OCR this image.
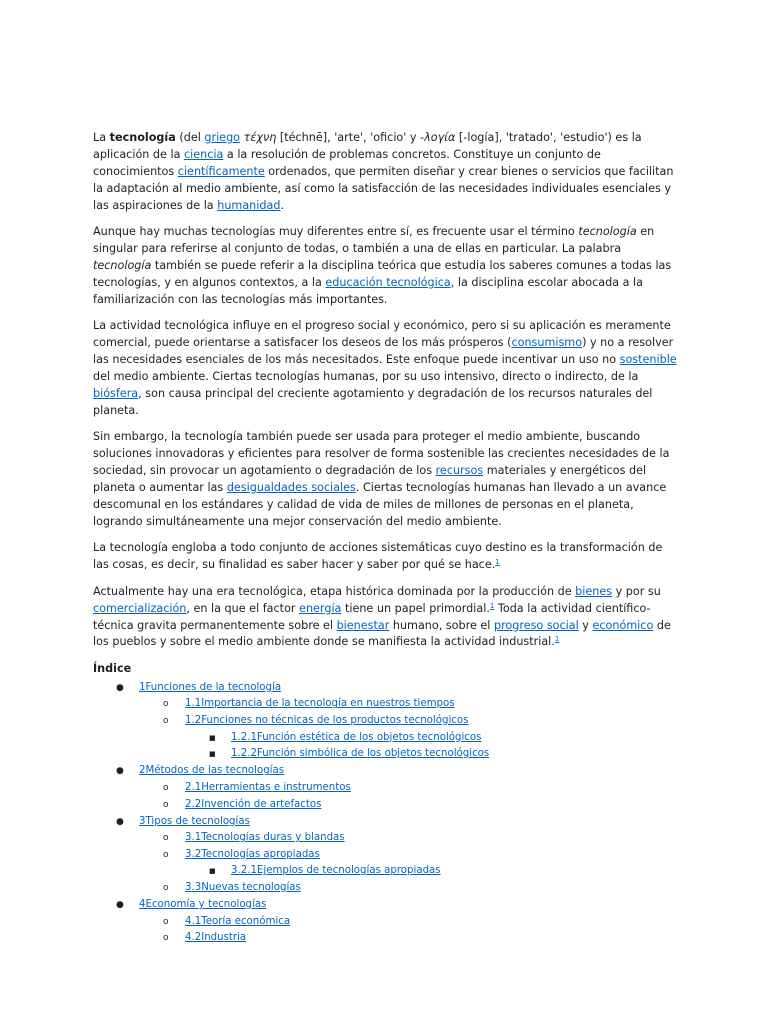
La tecnología (del griego τέχνη [téchnē], 'arte', 'oficio' y -λογία [-logía], 'tratado', 'estudio') es la aplicación de la ciencia a la resolución de problemas concretos. Constituye un conjunto de conocimientos científicamente ordenados, que permiten diseñar y crear bienes o servicios que facilitan la adaptación al medio ambiente, así como la satisfacción de las necesidades individuales esenciales y las aspiraciones de la humanidad.

Aunque hay muchas tecnologías muy diferentes entre sí, es frecuente usar el término tecnología en singular para referirse al conjunto de todas, o también a una de ellas en particular. La palabra tecnología también se puede referir a la disciplina teórica que estudia los saberes comunes a todas las tecnologías, y en algunos contextos, a la educación tecnológica, la disciplina escolar abocada a la familiarización con las tecnologías más importantes.

La actividad tecnológica influye en el progreso social y económico, pero si su aplicación es meramente comercial, puede orientarse a satisfacer los deseos de los más prósperos (consumismo) y no a resolver las necesidades esenciales de los más necesitados. Este enfoque puede incentivar un uso no sostenible del medio ambiente. Ciertas tecnologías humanas, por su uso intensivo, directo o indirecto, de la biósfera, son causa principal del creciente agotamiento y degradación de los recursos naturales del planeta.

Sin embargo, la tecnología también puede ser usada para proteger el medio ambiente, buscando soluciones innovadoras y eficientes para resolver de forma sostenible las crecientes necesidades de la sociedad, sin provocar un agotamiento o degradación de los recursos materiales y energéticos del planeta o aumentar las desigualdades sociales. Ciertas tecnologías humanas han llevado a un avance descomunal en los estándares y calidad de vida de miles de millones de personas en el planeta, logrando simultáneamente una mejor conservación del medio ambiente.

La tecnología engloba a todo conjunto de acciones sistemáticas cuyo destino es la transformación de las cosas, es decir, su finalidad es saber hacer y saber por qué se hace.$^1$

Actualmente hay una era tecnológica, etapa histórica dominada por la producción de bienes y por su comercialización, en la que el factor energía tiene un papel primordial.$^1$ Toda la actividad científico-técnica gravita permanentemente sobre el bienestar humano, sobre el progreso social y económico de los pueblos y sobre el medio ambiente donde se manifiesta la actividad industrial.$^1$

Índice
● 1Funciones de la tecnología
o 1.1Importancia de la tecnología en nuestros tiempos
o 1.2Funciones no técnicas de los productos tecnológicos
■ 1.2.1Función estética de los objetos tecnológicos
■ 1.2.2Función simbólica de los objetos tecnológicos
● 2Métodos de las tecnologías
o 2.1Herramientas e instrumentos
o 2.2Invención de artefactos
● 3Tipos de tecnologías
o 3.1Tecnologías duras y blandas
o 3.2Tecnologías apropiadas
■ 3.2.1Ejemplos de tecnologías apropiadas
o 3.3Nuevas tecnologías
● 4Economía y tecnologías
o 4.1Teoría económica
o 4.2Industria
